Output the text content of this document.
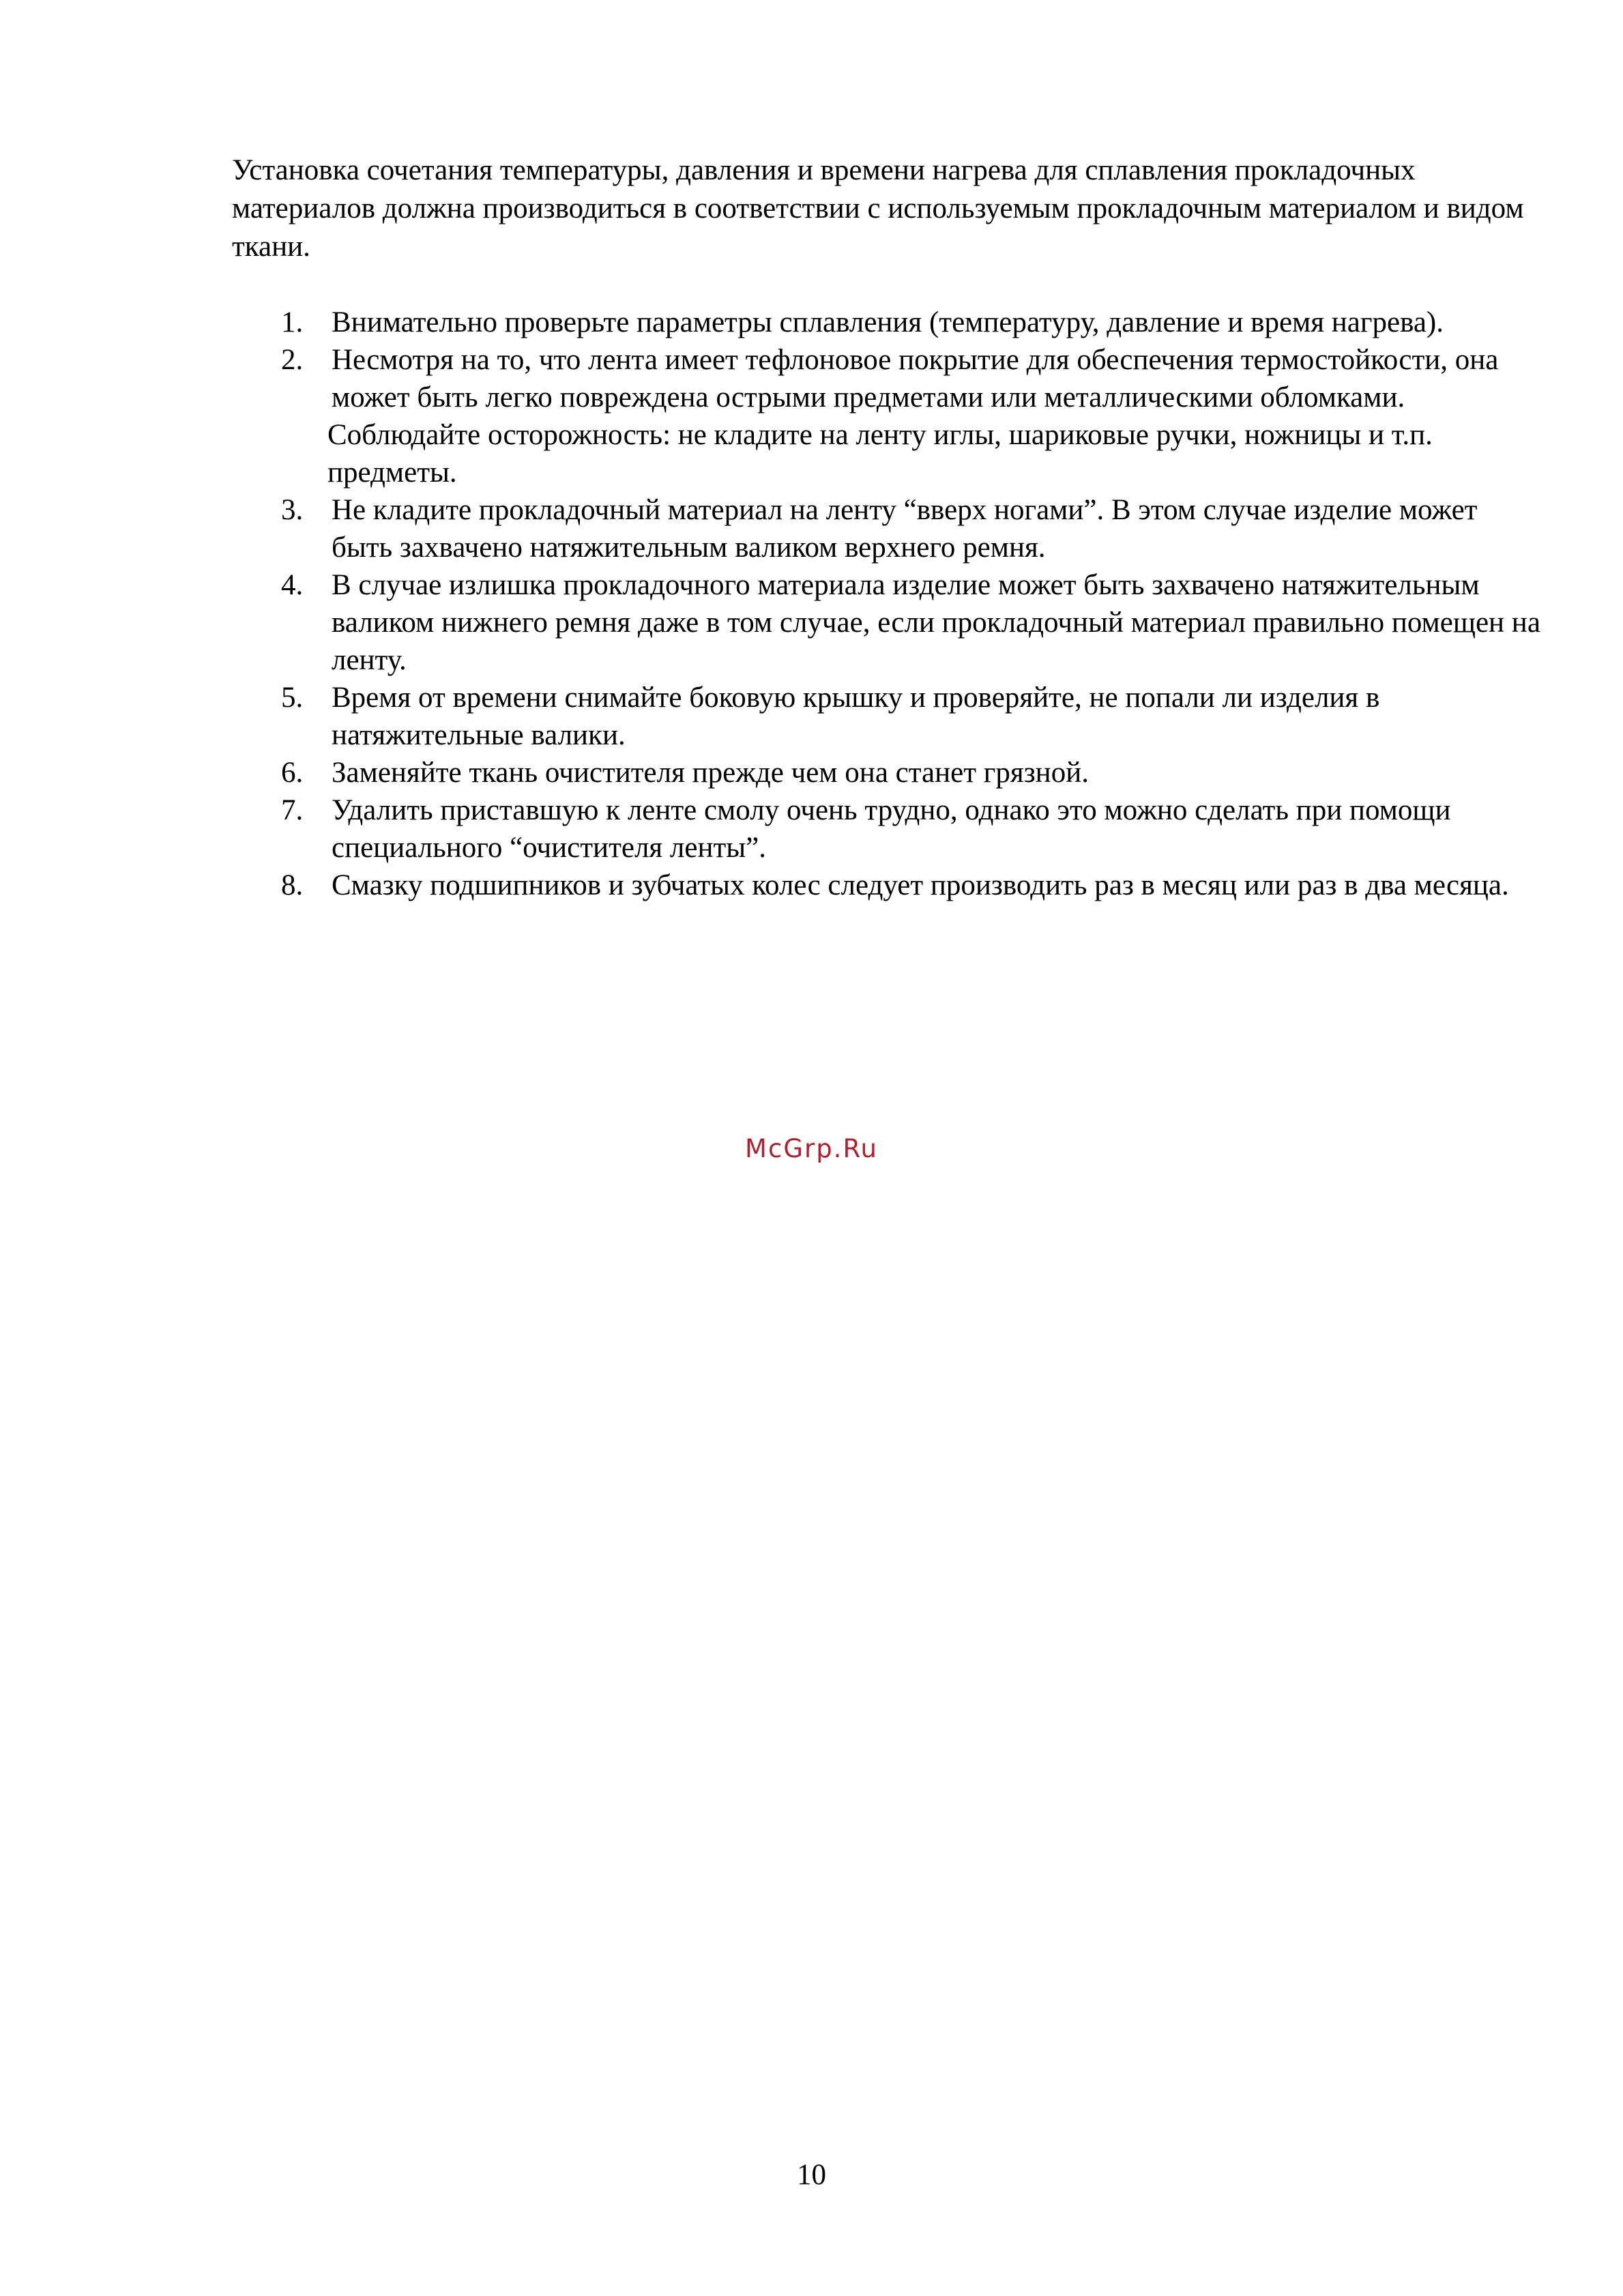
Установка сочетания температуры, давления и времени нагрева для сплавления прокладочных материалов должна производиться в соответствии с используемым прокладочным материалом и видом ткани.

1. Внимательно проверьте параметры сплавления (температуру, давление и время нагрева).
2. Несмотря на то, что лента имеет тефлоновое покрытие для обеспечения термостойкости, она может быть легко повреждена острыми предметами или металлическими обломками.
Соблюдайте осторожность: не кладите на ленту иглы, шариковые ручки, ножницы и т.п. предметы.
3. Не кладите прокладочный материал на ленту “вверх ногами”. В этом случае изделие может быть захвачено натяжительным валиком верхнего ремня.
4. В случае излишка прокладочного материала изделие может быть захвачено натяжительным валиком нижнего ремня даже в том случае, если прокладочный материал правильно помещен на ленту.
5. Время от времени снимайте боковую крышку и проверяйте, не попали ли изделия в натяжительные валики.
6. Заменяйте ткань очистителя прежде чем она станет грязной.
7. Удалить приставшую к ленте смолу очень трудно, однако это можно сделать при помощи специального “очистителя ленты”.
8. Смазку подшипников и зубчатых колес следует производить раз в месяц или раз в два месяца.
McGrp.Ru
10
